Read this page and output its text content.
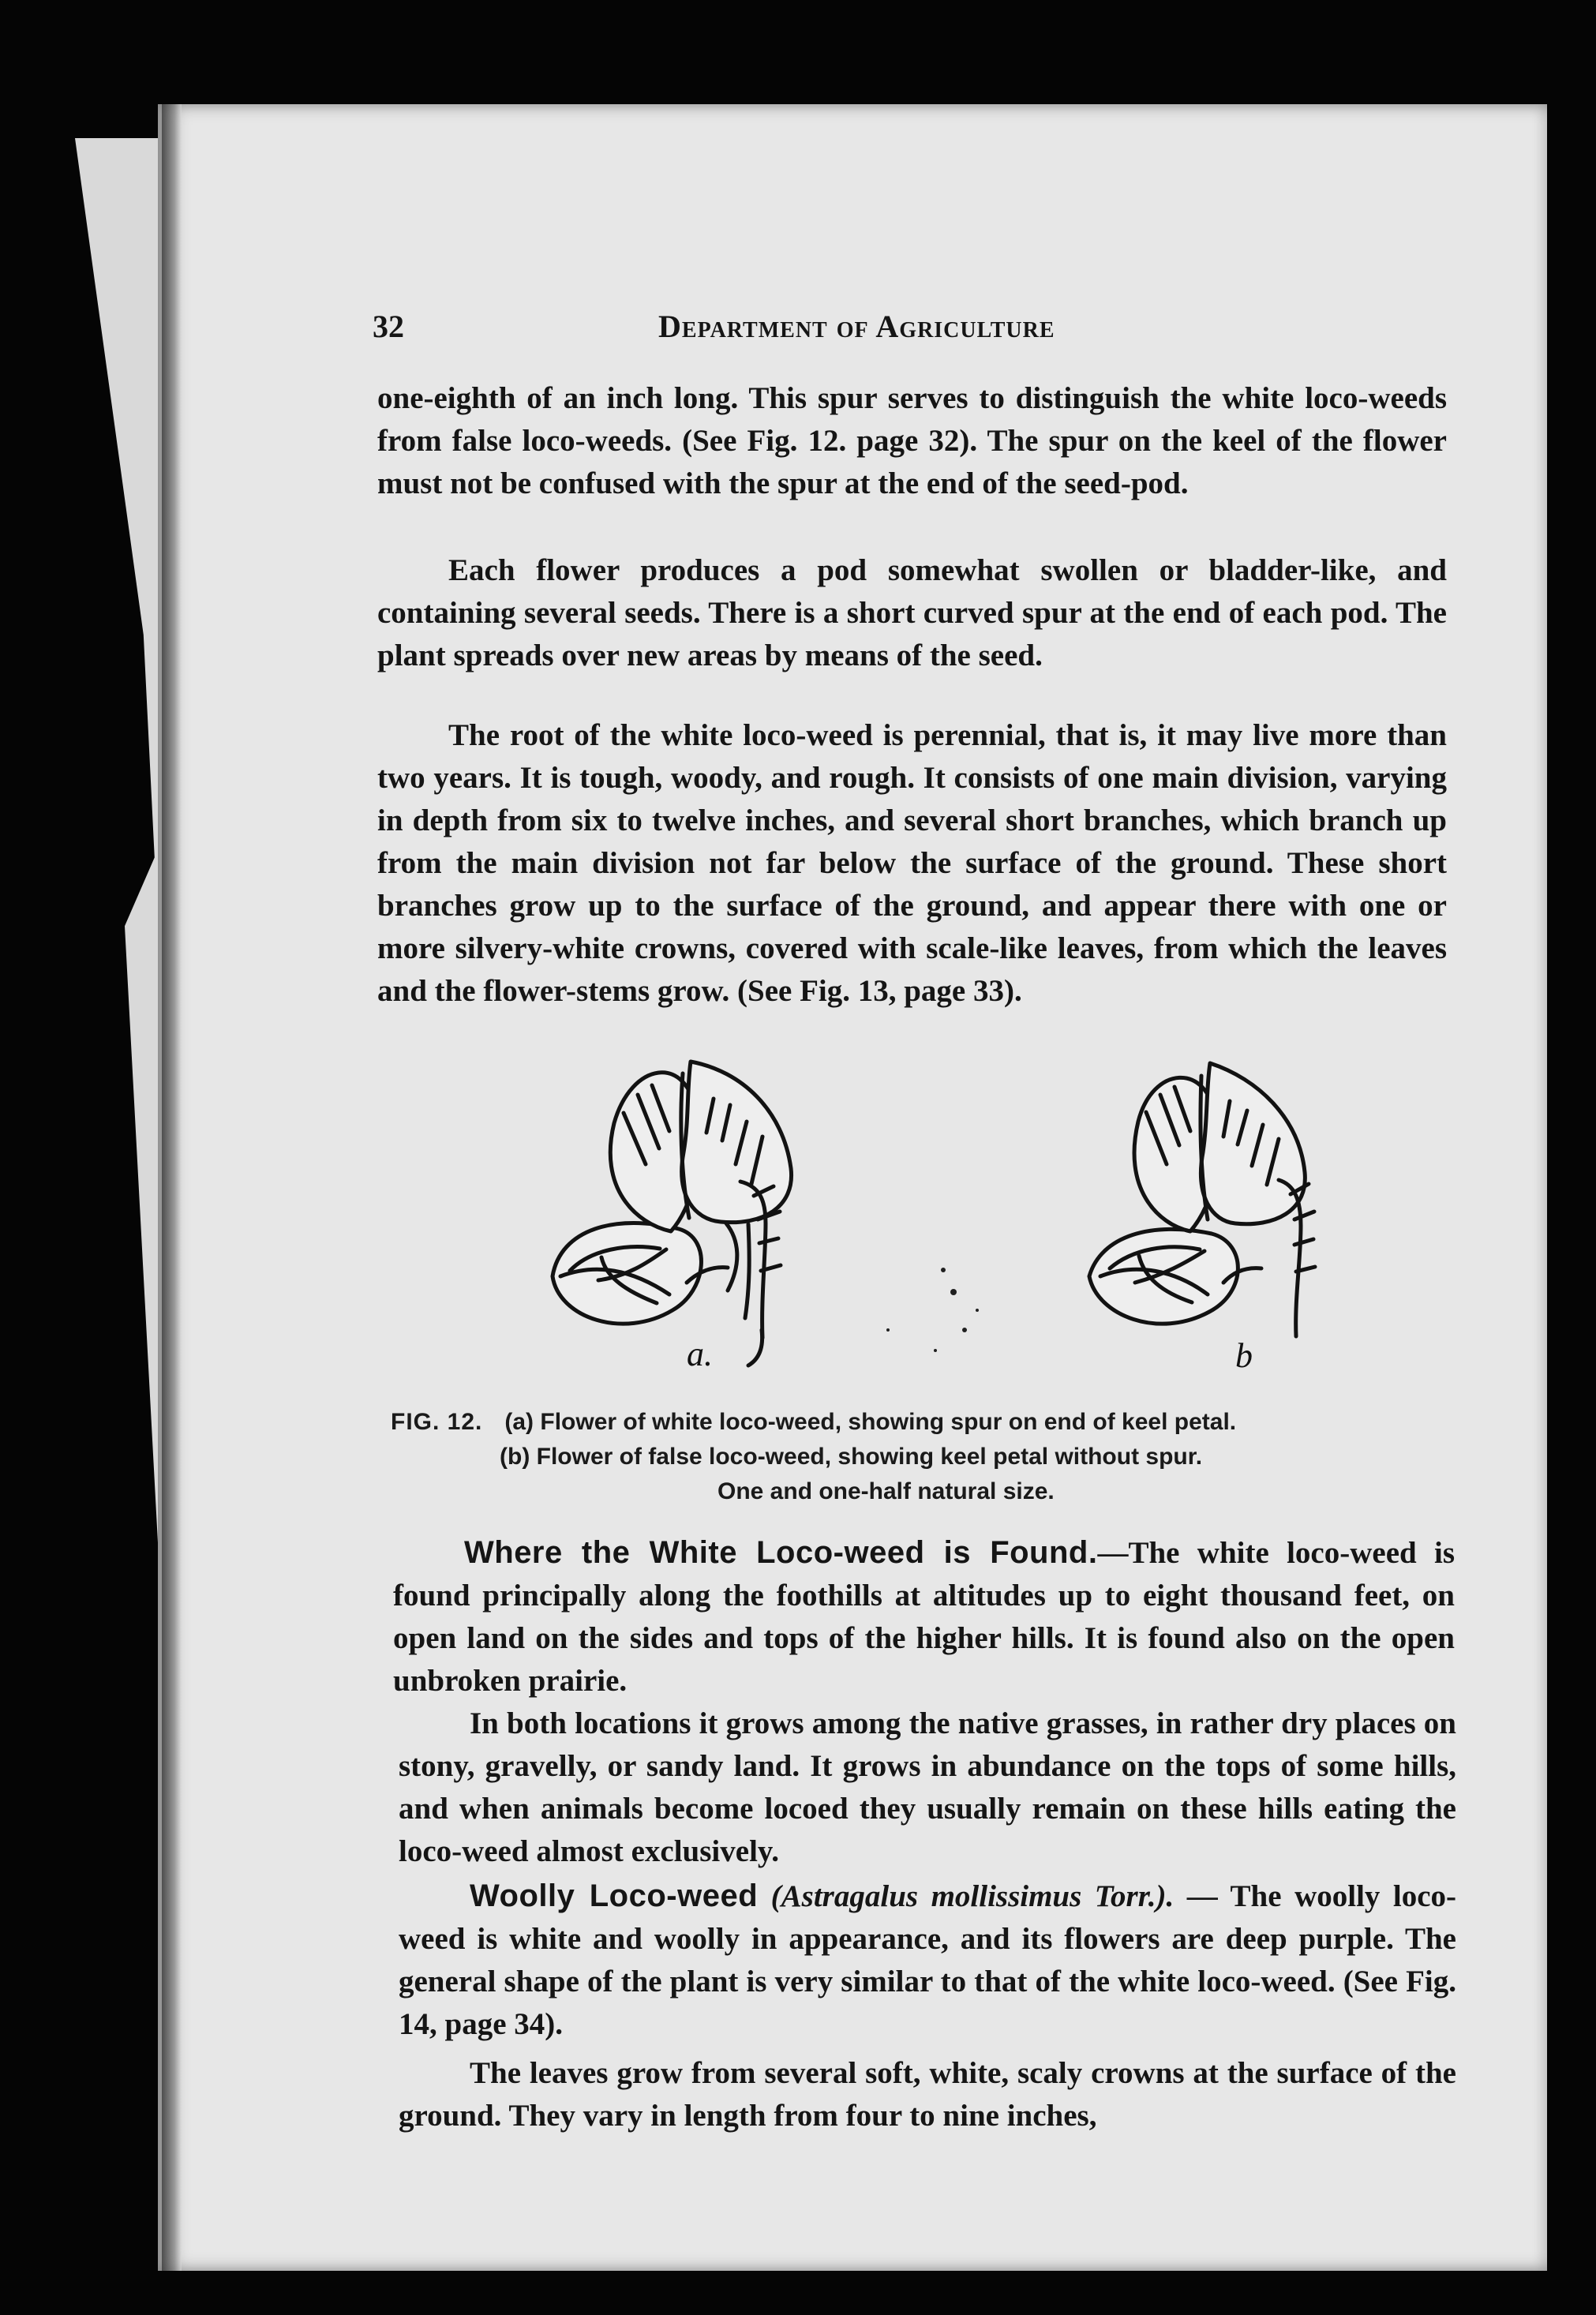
32	Department of Agriculture

one-eighth of an inch long. This spur serves to distinguish the white loco-weeds from false loco-weeds. (See Fig. 12. page 32). The spur on the keel of the flower must not be confused with the spur at the end of the seed-pod.

Each flower produces a pod somewhat swollen or bladder-like, and containing several seeds. There is a short curved spur at the end of each pod. The plant spreads over new areas by means of the seed.

The root of the white loco-weed is perennial, that is, it may live more than two years. It is tough, woody, and rough. It consists of one main division, varying in depth from six to twelve inches, and several short branches, which branch up from the main division not far below the surface of the ground. These short branches grow up to the surface of the ground, and appear there with one or more silvery-white crowns, covered with scale-like leaves, from which the leaves and the flower-stems grow. (See Fig. 13, page 33).

a.	b
FIG. 12. (a) Flower of white loco-weed, showing spur on end of keel petal.
(b) Flower of false loco-weed, showing keel petal without spur.
One and one-half natural size.

Where the White Loco-weed is Found.—The white loco-weed is found principally along the foothills at altitudes up to eight thousand feet, on open land on the sides and tops of the higher hills. It is found also on the open unbroken prairie.

In both locations it grows among the native grasses, in rather dry places on stony, gravelly, or sandy land. It grows in abundance on the tops of some hills, and when animals become locoed they usually remain on these hills eating the loco-weed almost exclusively.

Woolly Loco-weed (Astragalus mollissimus Torr.). — The woolly loco-weed is white and woolly in appearance, and its flowers are deep purple. The general shape of the plant is very similar to that of the white loco-weed. (See Fig. 14, page 34).

The leaves grow from several soft, white, scaly crowns at the surface of the ground. They vary in length from four to nine inches,
